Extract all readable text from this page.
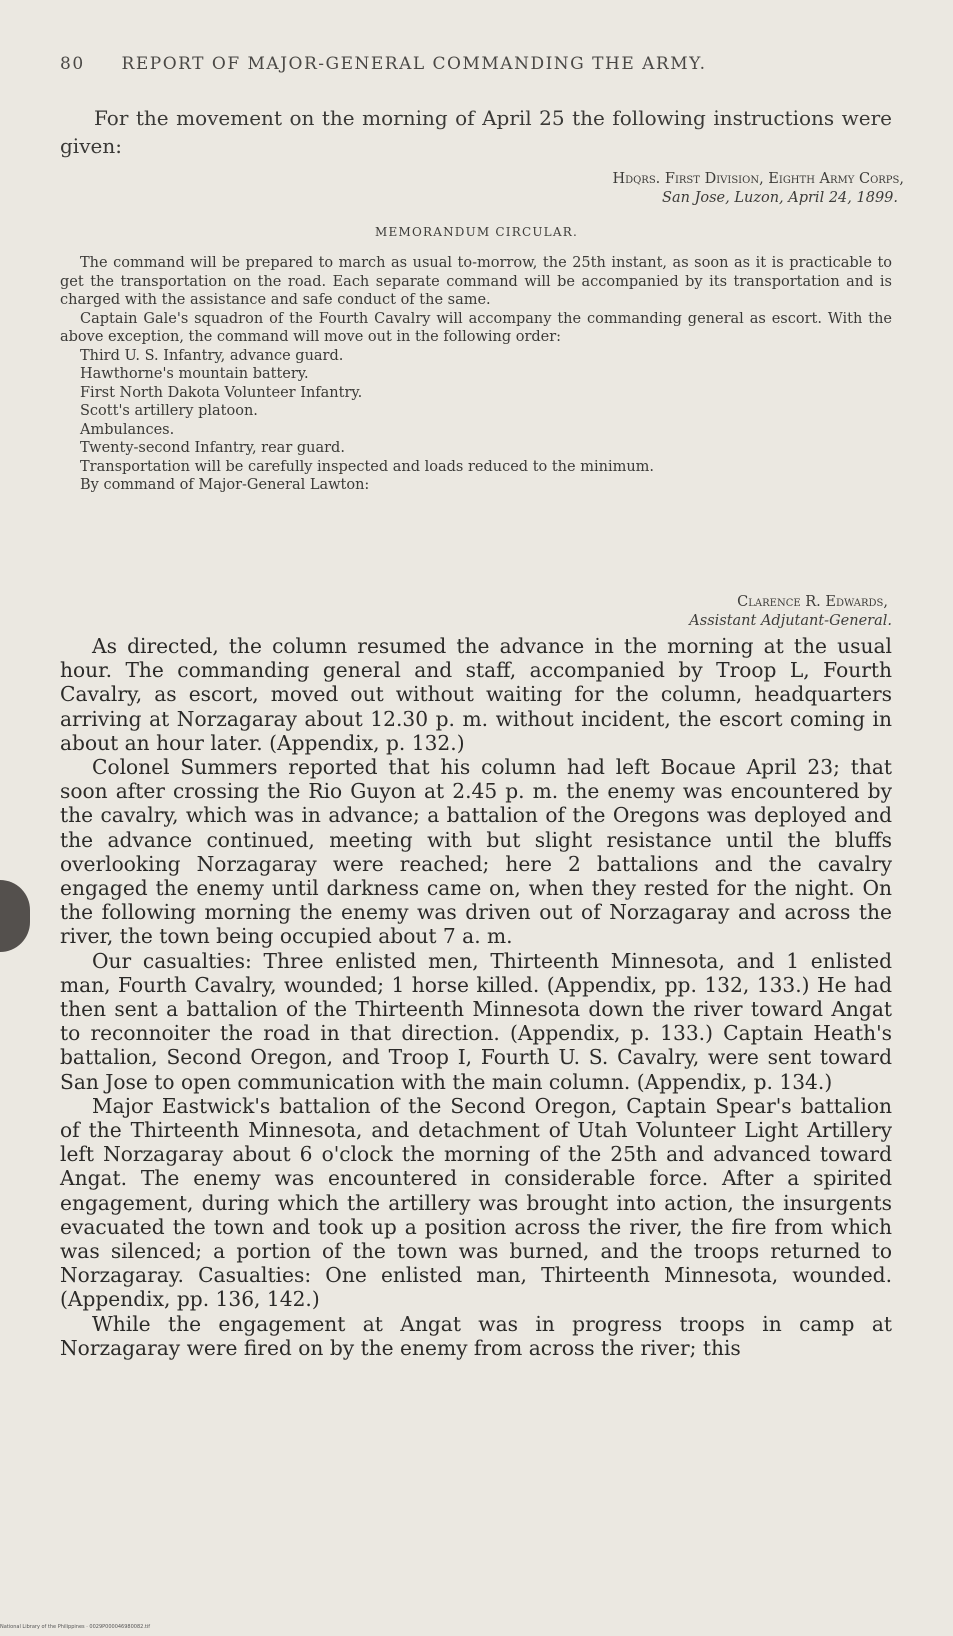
80 REPORT OF MAJOR-GENERAL COMMANDING THE ARMY.
For the movement on the morning of April 25 the following instructions were given:
Hdqrs. First Division, Eighth Army Corps,
San Jose, Luzon, April 24, 1899.
MEMORANDUM CIRCULAR.

The command will be prepared to march as usual to-morrow, the 25th instant, as soon as it is practicable to get the transportation on the road. Each separate command will be accompanied by its transportation and is charged with the assistance and safe conduct of the same.

Captain Gale's squadron of the Fourth Cavalry will accompany the commanding general as escort. With the above exception, the command will move out in the following order:

Third U. S. Infantry, advance guard.

Hawthorne's mountain battery.

First North Dakota Volunteer Infantry.

Scott's artillery platoon.

Ambulances.

Twenty-second Infantry, rear guard.

Transportation will be carefully inspected and loads reduced to the minimum.

By command of Major-General Lawton:

Clarence R. Edwards,
Assistant Adjutant-General.

As directed, the column resumed the advance in the morning at the usual hour. The commanding general and staff, accompanied by Troop L, Fourth Cavalry, as escort, moved out without waiting for the column, headquarters arriving at Norzagaray about 12.30 p. m. without incident, the escort coming in about an hour later. (Appendix, p. 132.)

Colonel Summers reported that his column had left Bocaue April 23; that soon after crossing the Rio Guyon at 2.45 p. m. the enemy was encountered by the cavalry, which was in advance; a battalion of the Oregons was deployed and the advance continued, meeting with but slight resistance until the bluffs overlooking Norzagaray were reached; here 2 battalions and the cavalry engaged the enemy until darkness came on, when they rested for the night. On the following morning the enemy was driven out of Norzagaray and across the river, the town being occupied about 7 a. m.

Our casualties: Three enlisted men, Thirteenth Minnesota, and 1 enlisted man, Fourth Cavalry, wounded; 1 horse killed. (Appendix, pp. 132, 133.) He had then sent a battalion of the Thirteenth Minnesota down the river toward Angat to reconnoiter the road in that direction. (Appendix, p. 133.) Captain Heath's battalion, Second Oregon, and Troop I, Fourth U. S. Cavalry, were sent toward San Jose to open communication with the main column. (Appendix, p. 134.)

Major Eastwick's battalion of the Second Oregon, Captain Spear's battalion of the Thirteenth Minnesota, and detachment of Utah Volunteer Light Artillery left Norzagaray about 6 o'clock the morning of the 25th and advanced toward Angat. The enemy was encountered in considerable force. After a spirited engagement, during which the artillery was brought into action, the insurgents evacuated the town and took up a position across the river, the fire from which was silenced; a portion of the town was burned, and the troops returned to Norzagaray. Casualties: One enlisted man, Thirteenth Minnesota, wounded. (Appendix, pp. 136, 142.)

While the engagement at Angat was in progress troops in camp at Norzagaray were fired on by the enemy from across the river; this

National Library of the Philippines · 0029P000046980082.tif
